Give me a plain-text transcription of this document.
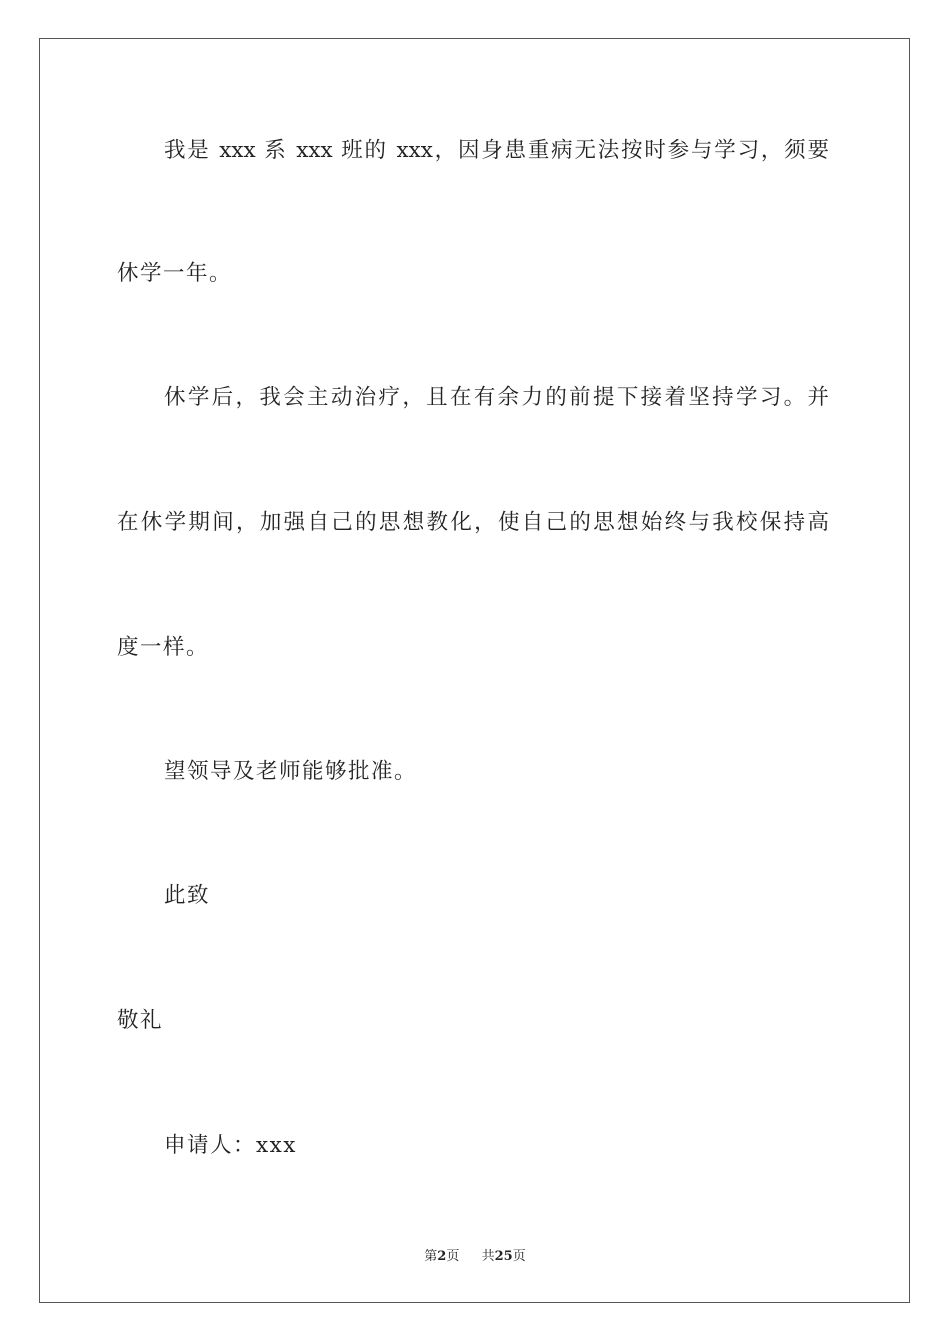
我是 xxx 系 xxx 班的 xxx，因身患重病无法按时参与学习，须要
休学一年。
休学后，我会主动治疗，且在有余力的前提下接着坚持学习。并
在休学期间，加强自己的思想教化，使自己的思想始终与我校保持高
度一样。
望领导及老师能够批准。
此致
敬礼
申请人：xxx
第2页 共25页
